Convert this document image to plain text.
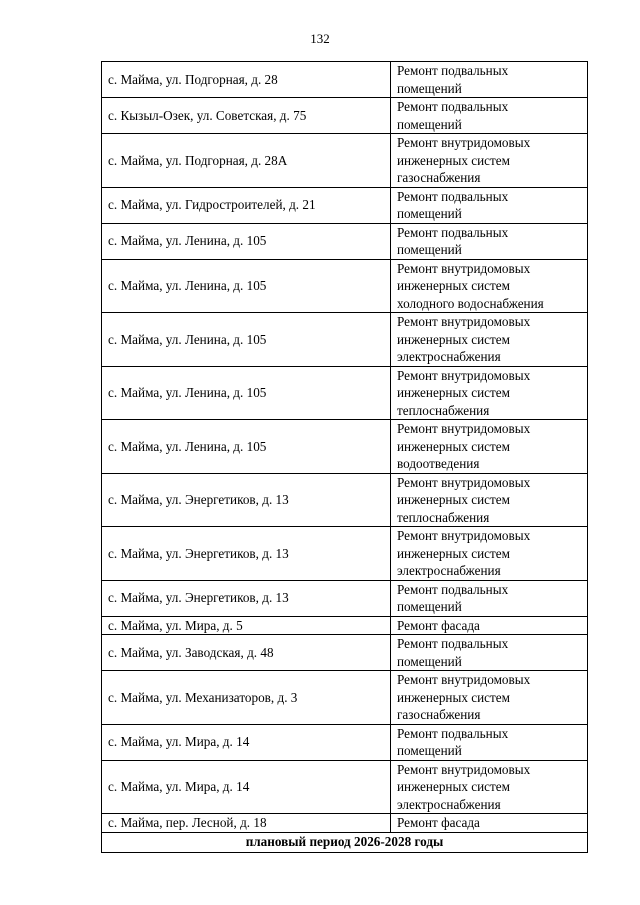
132
с. Майма, ул. Подгорная, д. 28	Ремонт подвальных
помещений

с. Кызыл-Озек, ул. Советская, д. 75	Ремонт подвальных
помещений

с. Майма, ул. Подгорная, д. 28А	Ремонт внутридомовых
инженерных систем
газоснабжения

с. Майма, ул. Гидростроителей, д. 21	Ремонт подвальных
помещений

с. Майма, ул. Ленина, д. 105	Ремонт подвальных
помещений

с. Майма, ул. Ленина, д. 105	Ремонт внутридомовых
инженерных систем
холодного водоснабжения

с. Майма, ул. Ленина, д. 105	Ремонт внутридомовых
инженерных систем
электроснабжения

с. Майма, ул. Ленина, д. 105	Ремонт внутридомовых
инженерных систем
теплоснабжения

с. Майма, ул. Ленина, д. 105	Ремонт внутридомовых
инженерных систем
водоотведения

с. Майма, ул. Энергетиков, д. 13	Ремонт внутридомовых
инженерных систем
теплоснабжения

с. Майма, ул. Энергетиков, д. 13	Ремонт внутридомовых
инженерных систем
электроснабжения

с. Майма, ул. Энергетиков, д. 13	Ремонт подвальных
помещений

с. Майма, ул. Мира, д. 5	Ремонт фасада

с. Майма, ул. Заводская, д. 48	Ремонт подвальных
помещений

с. Майма, ул. Механизаторов, д. 3	Ремонт внутридомовых
инженерных систем
газоснабжения

с. Майма, ул. Мира, д. 14	Ремонт подвальных
помещений

с. Майма, ул. Мира, д. 14	Ремонт внутридомовых
инженерных систем
электроснабжения

с. Майма, пер. Лесной, д. 18	Ремонт фасада

плановый период 2026-2028 годы	
